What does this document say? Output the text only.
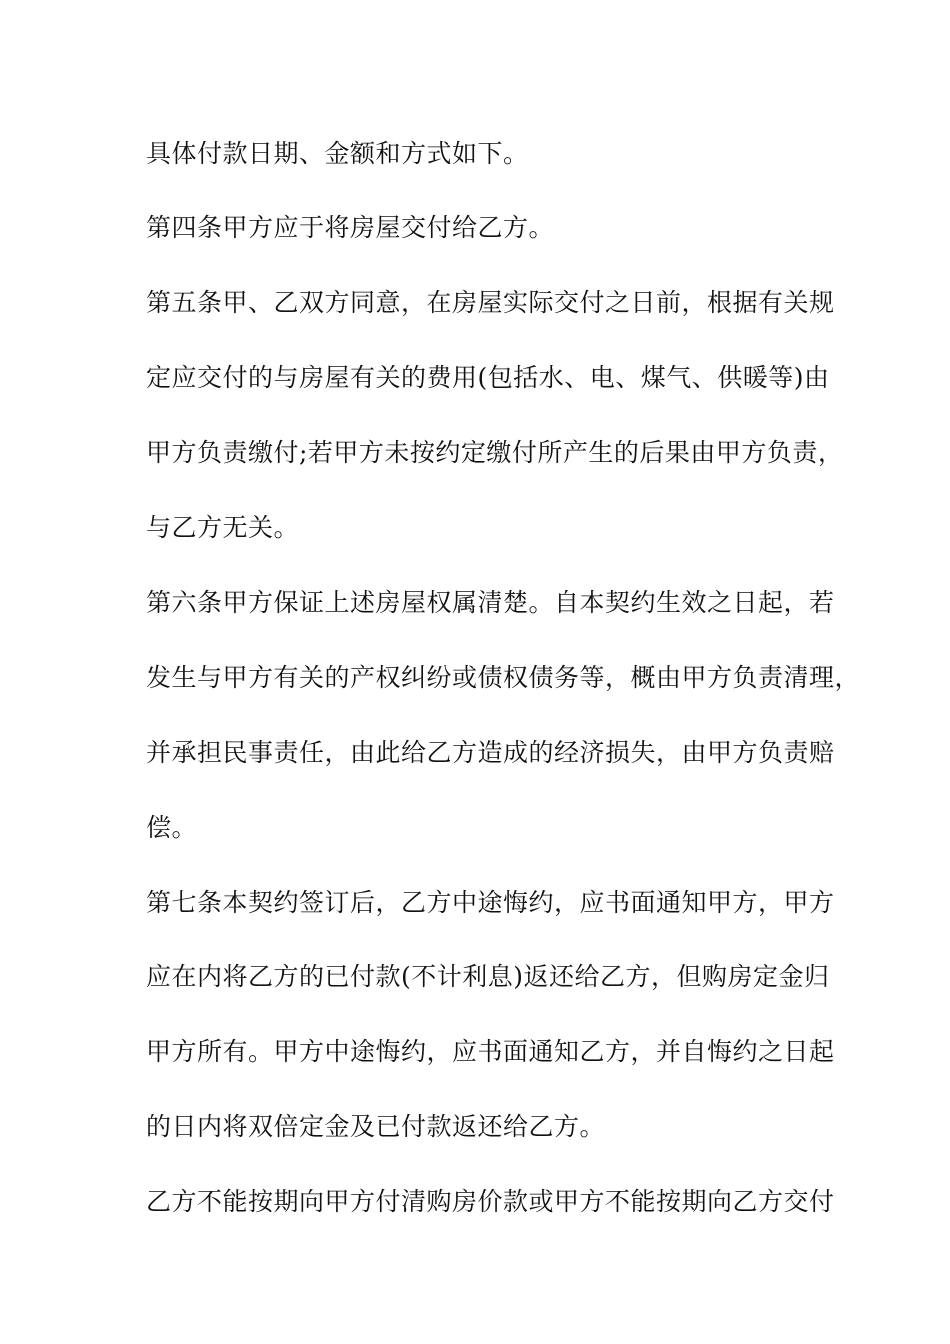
具体付款日期、金额和方式如下。
第四条甲方应于将房屋交付给乙方。
第五条甲、乙双方同意，在房屋实际交付之日前，根据有关规
定应交付的与房屋有关的费用(包括水、电、煤气、供暖等)由
甲方负责缴付;若甲方未按约定缴付所产生的后果由甲方负责，
与乙方无关。
第六条甲方保证上述房屋权属清楚。自本契约生效之日起，若
发生与甲方有关的产权纠纷或债权债务等，概由甲方负责清理，
并承担民事责任，由此给乙方造成的经济损失，由甲方负责赔
偿。
第七条本契约签订后，乙方中途悔约，应书面通知甲方，甲方
应在内将乙方的已付款(不计利息)返还给乙方，但购房定金归
甲方所有。甲方中途悔约，应书面通知乙方，并自悔约之日起
的日内将双倍定金及已付款返还给乙方。
乙方不能按期向甲方付清购房价款或甲方不能按期向乙方交付
